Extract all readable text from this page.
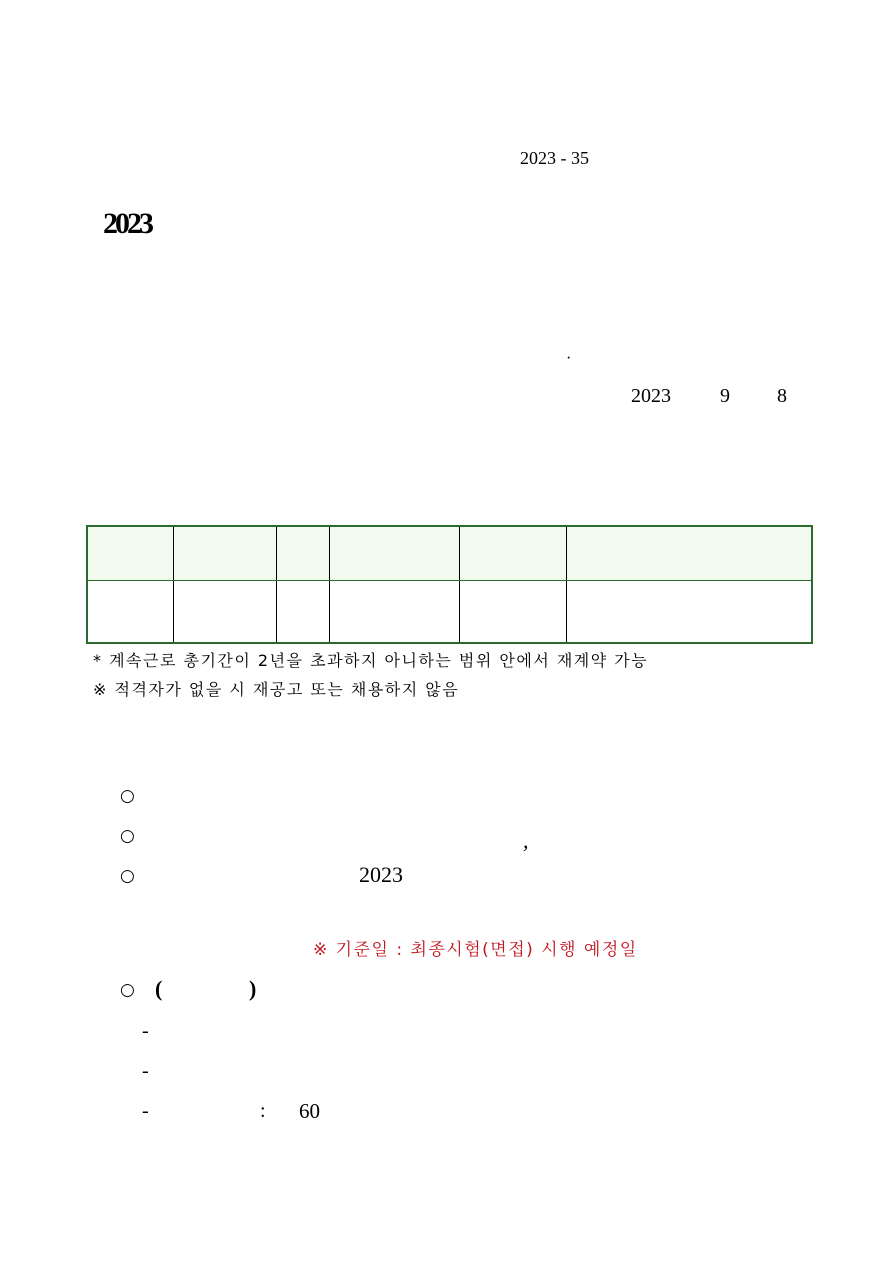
2023 - 35
2023
·
2023 9 8

* 계속근로 총기간이 2년을 초과하지 아니하는 범위 안에서 재계약 가능
※ 적격자가 없을 시 재공고 또는 채용하지 않음
○
○	,
○	2023
※ 기준일 : 최종시험(면접) 시행 예정일
○ (	)
-
-
-	: 60
